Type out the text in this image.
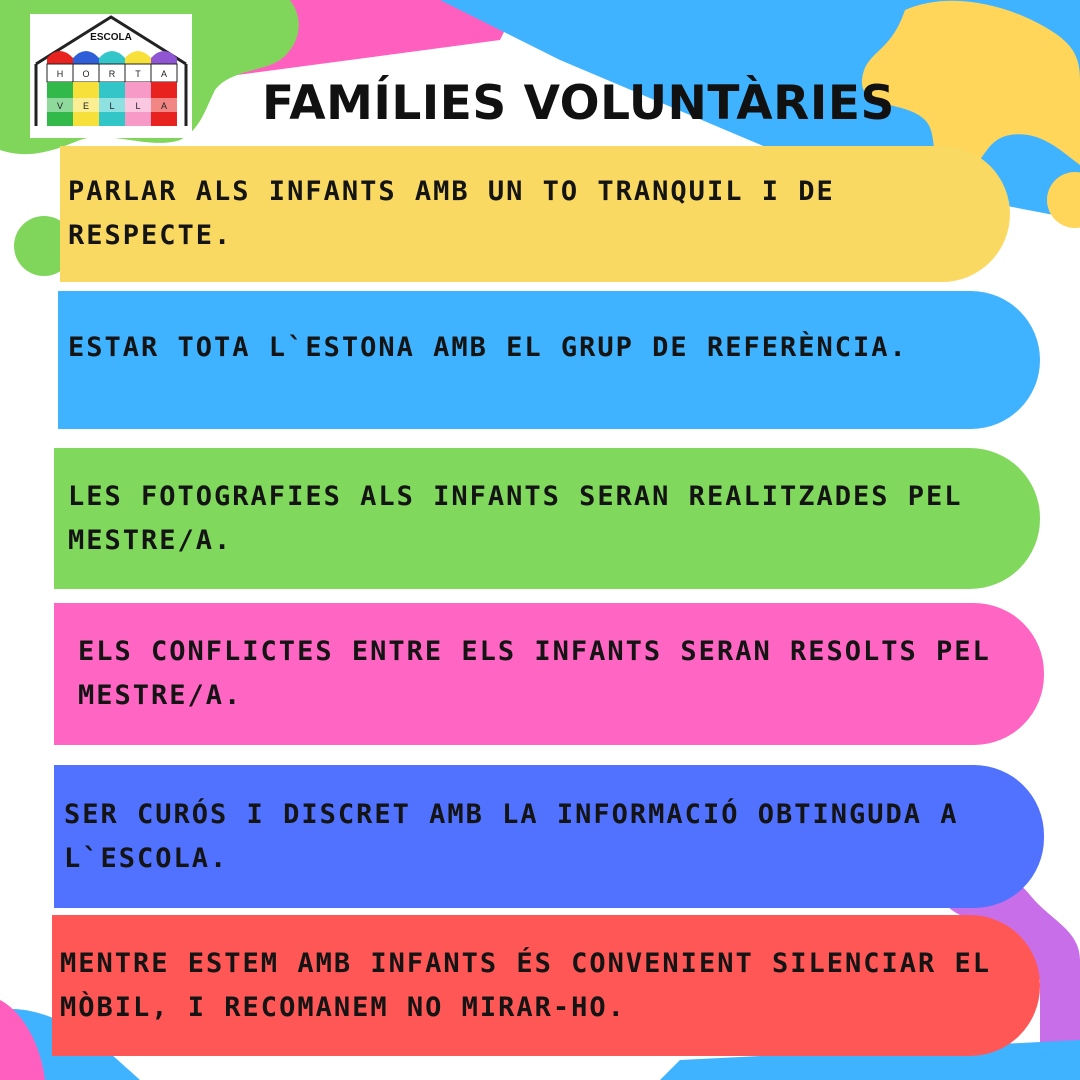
ESCOLA
H
V
O
E
R
L
T
L
A
A FAMÍLIES VOLUNTÀRIES

PARLAR ALS INFANTS AMB UN TO TRANQUIL I DE RESPECTE.

ESTAR TOTA L`ESTONA AMB EL GRUP DE REFERÈNCIA.

LES FOTOGRAFIES ALS INFANTS SERAN REALITZADES PEL MESTRE/A.

ELS CONFLICTES ENTRE ELS INFANTS SERAN RESOLTS PEL MESTRE/A.

SER CURÓS I DISCRET AMB LA INFORMACIÓ OBTINGUDA A L`ESCOLA.

MENTRE ESTEM AMB INFANTS ÉS CONVENIENT SILENCIAR EL MÒBIL, I RECOMANEM NO MIRAR-HO.
